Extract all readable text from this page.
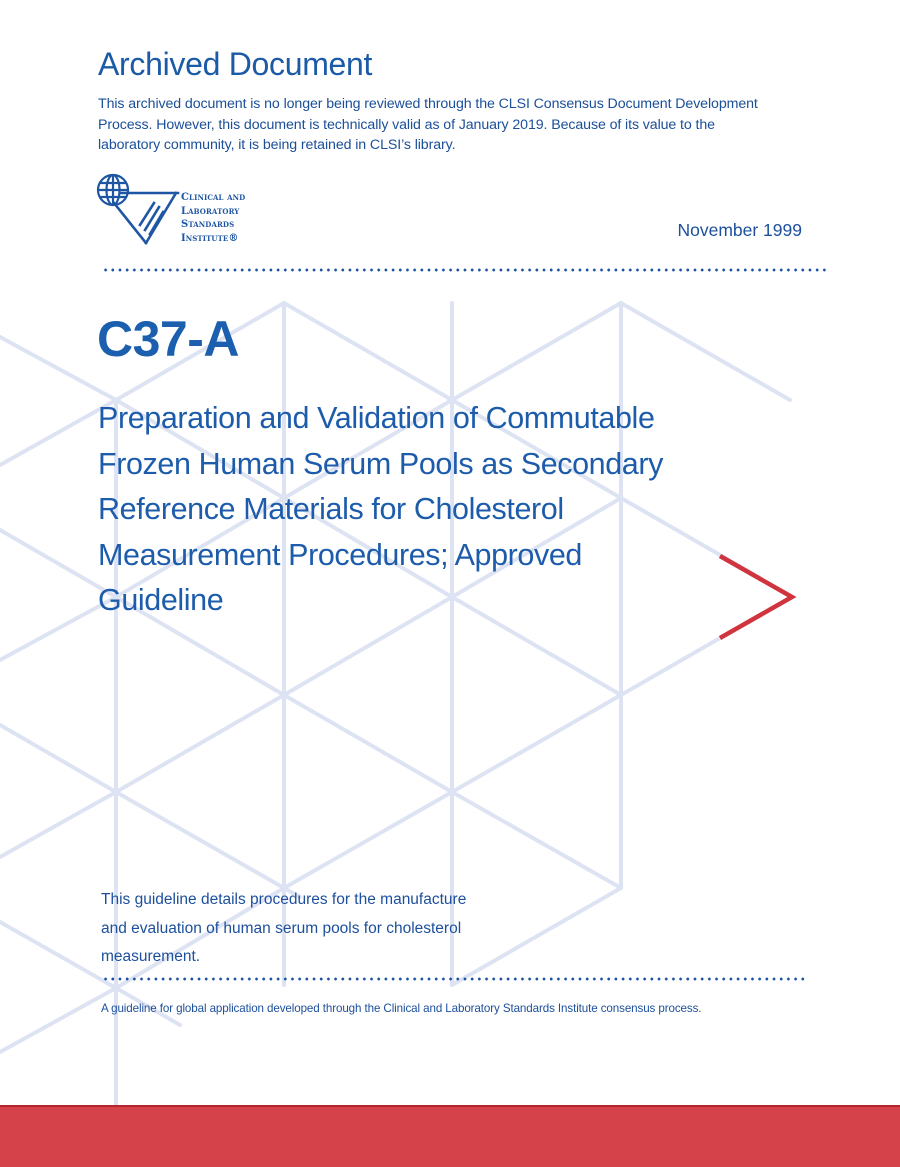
Archived Document
This archived document is no longer being reviewed through the CLSI Consensus Document Development
Process. However, this document is technically valid as of January 2019. Because of its value to the
laboratory community, it is being retained in CLSI’s library.
Clinical and
Laboratory
Standards
Institute®	November 1999
C37-A
Preparation and Validation of Commutable
Frozen Human Serum Pools as Secondary
Reference Materials for Cholesterol
Measurement Procedures; Approved
Guideline
This guideline details procedures for the manufacture
and evaluation of human serum pools for cholesterol
measurement.
A guideline for global application developed through the Clinical and Laboratory Standards Institute consensus process.
